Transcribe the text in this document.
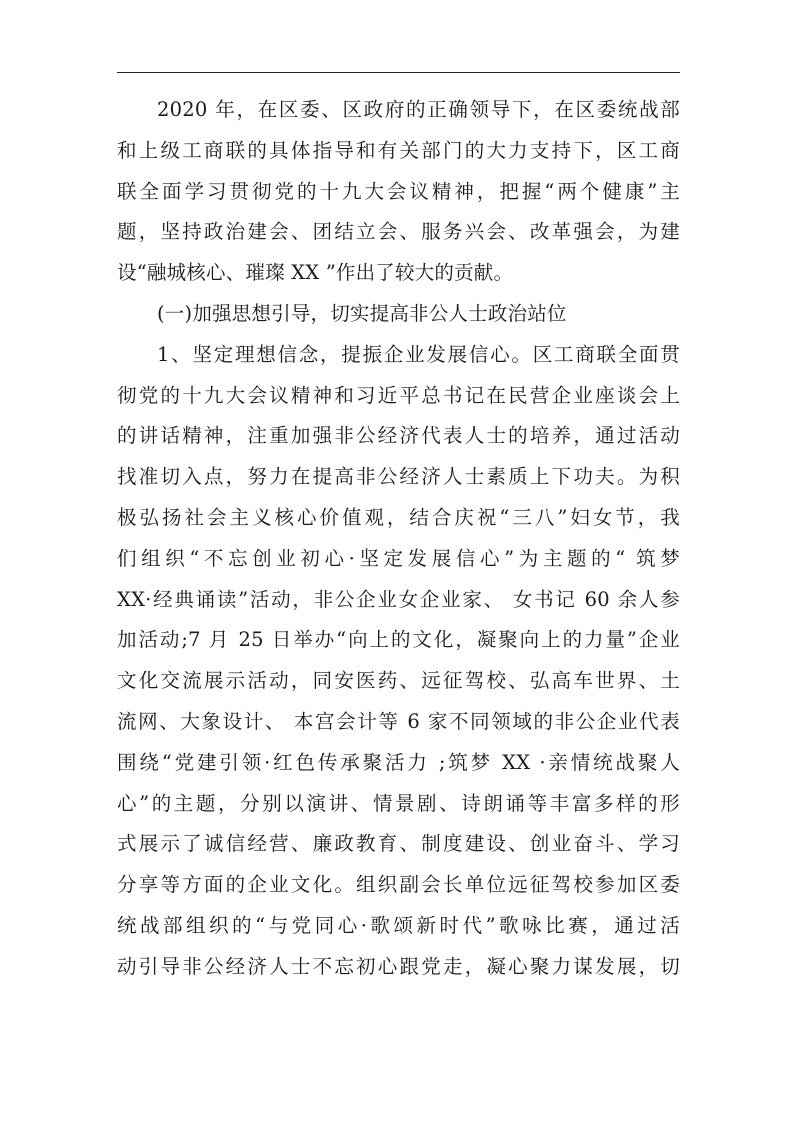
2020 年，在区委、区政府的正确领导下，在区委统战部
和上级工商联的具体指导和有关部门的大力支持下，区工商
联全面学习贯彻党的十九大会议精神，把握“两个健康”主
题，坚持政治建会、团结立会、服务兴会、改革强会，为建
设“融城核心、璀璨 XX ”作出了较大的贡献。
(一)加强思想引导，切实提高非公人士政治站位
1、坚定理想信念，提振企业发展信心。区工商联全面贯
彻党的十九大会议精神和习近平总书记在民营企业座谈会上
的讲话精神，注重加强非公经济代表人士的培养，通过活动
找准切入点，努力在提高非公经济人士素质上下功夫。为积
极弘扬社会主义核心价值观，结合庆祝“三八”妇女节，我
们组织“不忘创业初心·坚定发展信心”为主题的“ 筑梦
XX·经典诵读”活动，非公企业女企业家、 女书记 60 余人参
加活动;7 月 25 日举办“向上的文化，凝聚向上的力量”企业
文化交流展示活动，同安医药、远征驾校、弘高车世界、土
流网、大象设计、 本宫会计等 6 家不同领域的非公企业代表
围绕“党建引领·红色传承聚活力 ;筑梦 XX ·亲情统战聚人
心”的主题，分别以演讲、情景剧、诗朗诵等丰富多样的形
式展示了诚信经营、廉政教育、制度建设、创业奋斗、学习
分享等方面的企业文化。组织副会长单位远征驾校参加区委
统战部组织的“与党同心·歌颂新时代”歌咏比赛，通过活
动引导非公经济人士不忘初心跟党走，凝心聚力谋发展，切
